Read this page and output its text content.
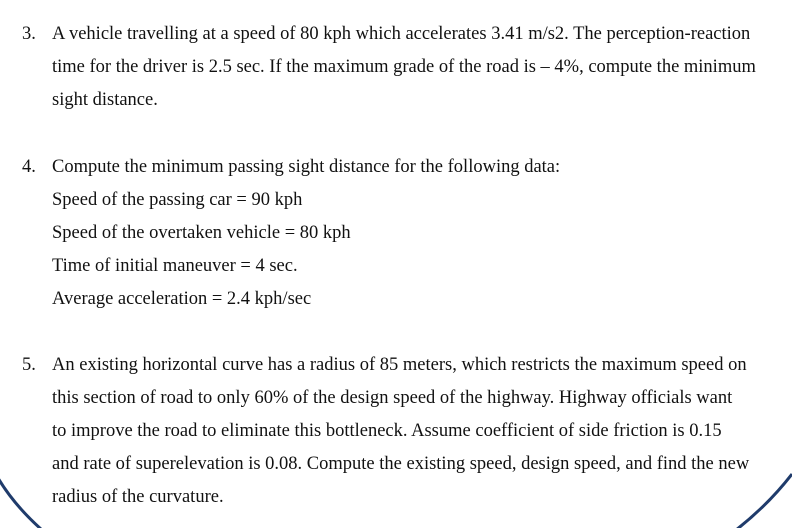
3. A vehicle travelling at a speed of 80 kph which accelerates 3.41 m/s2. The perception-reaction
time for the driver is 2.5 sec. If the maximum grade of the road is – 4%, compute the minimum
sight distance.
4. Compute the minimum passing sight distance for the following data:
Speed of the passing car = 90 kph
Speed of the overtaken vehicle = 80 kph
Time of initial maneuver = 4 sec.
Average acceleration = 2.4 kph/sec
5. An existing horizontal curve has a radius of 85 meters, which restricts the maximum speed on
this section of road to only 60% of the design speed of the highway. Highway officials want
to improve the road to eliminate this bottleneck. Assume coefficient of side friction is 0.15
and rate of superelevation is 0.08. Compute the existing speed, design speed, and find the new
radius of the curvature.
